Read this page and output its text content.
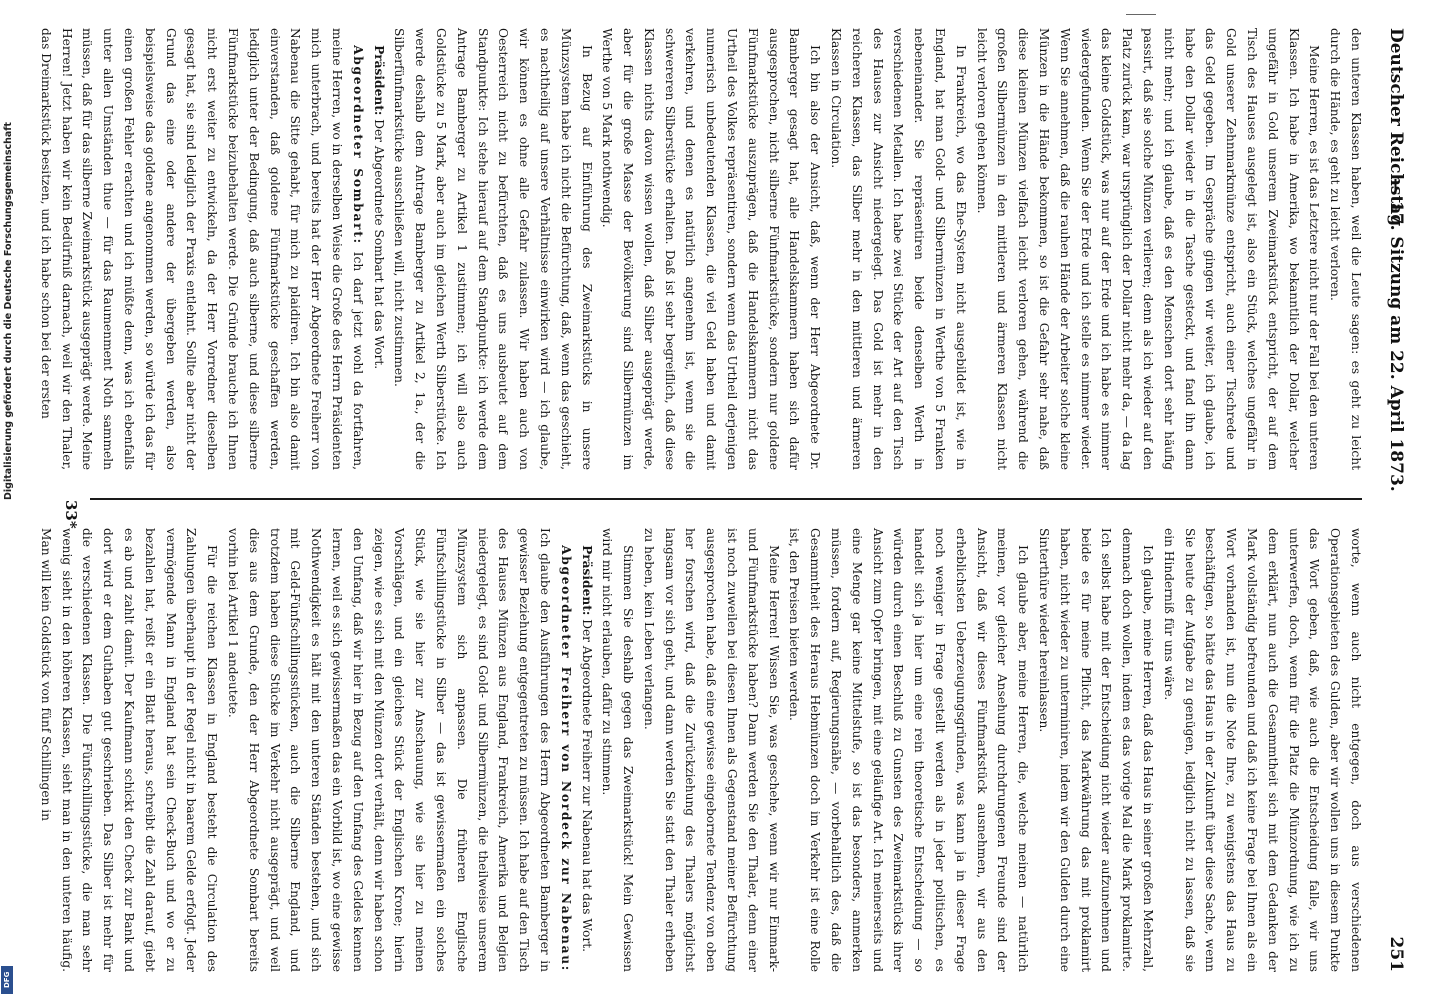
Deutscher Reichstag
— 17. Sitzung am 22. April 1873.
251

den unteren Klassen haben, weil die Leute sagen: es geht zu leicht durch die Hände, es geht zu leicht verloren.

Meine Herren, es ist das Letztere nicht nur der Fall bei den unteren Klassen. Ich habe in Amerika, wo bekanntlich der Dollar, welcher ungefähr in Gold unserem Zweimarkstück entspricht, der auf dem Tisch des Hauses ausgelegt ist, also ein Stück, welches ungefähr in Gold unserer Zehnmarkmünze entspricht, auch einer Tischrede und das Geld gegeben. Im Gespräche gingen wir weiter, ich glaube, ich habe den Dollar wieder in die Tasche gesteckt, und fand ihn dann nicht mehr; und ich glaube, daß es den Menschen dort sehr häufig passirt, daß sie solche Münzen verlieren; denn als ich wieder auf den Platz zurück kam, war ursprünglich der Dollar nicht mehr da, — da lag das kleine Goldstück, was nur auf der Erde und ich habe es nimmer wiedergefunden. Wenn Sie der Erde und ich stelle es nimmer wieder. Wenn Sie annehmen, daß die rauhen Hände der Arbeiter solche kleine Münzen in die Hände bekommen, so ist die Gefahr sehr nahe, daß diese kleinen Münzen vielfach leicht verloren gehen, während die großen Silbermünzen in den mittleren und ärmeren Klassen nicht leicht verloren gehen können.

In Frankreich, wo das Ehe-System nicht ausgebildet ist, wie in England, hat man Gold- und Silbermünzen in Werthe von 5 Franken nebeneinander. Sie repräsentiren beide denselben Werth in verschiedenen Metallen. Ich habe zwei Stücke der Art auf den Tisch des Hauses zur Ansicht niedergelegt. Das Gold ist mehr in den reicheren Klassen, das Silber mehr in den mittleren und ärmeren Klassen in Circulation.

Ich bin also der Ansicht, daß, wenn der Herr Abgeordnete Dr. Bamberger gesagt hat, alle Handelskammern haben sich dafür ausgesprochen, nicht silberne Fünfmarkstücke, sondern nur goldene Fünfmarkstücke auszuprägen, daß die Handelskammern nicht das Urtheil des Volkes repräsentiren, sondern wenn das Urtheil derjenigen numerisch unbedeutenden Klassen, die viel Geld haben und damit verkehren, und denen es natürlich angenehm ist, wenn sie die schwereren Silberstücke erhalten. Daß ist sehr begreiflich, daß diese Klassen nichts davon wissen wollen, daß Silber ausgeprägt werde, aber für die große Masse der Bevölkerung sind Silbermünzen im Werthe von 5 Mark nothwendig.

In Bezug auf Einführung des Zweimarkstücks in unsere Münzsystem habe ich nicht die Befürchtung, daß, wenn das geschieht, es nachtheilig auf unsere Verhältnisse einwirken wird — ich glaube, wir können es ohne alle Gefahr zulassen. Wir haben auch von Oesterreich nicht zu befürchten, daß es uns ausbeutet auf dem Standpunkte: Ich stehe hierauf auf dem Standpunkte: ich werde dem Antrage Bamberger zu Artikel 1 zustimmen; ich will also auch Goldstücke zu 5 Mark, aber auch im gleichen Werth Silberstücke. Ich werde deshalb dem Antrage Bamberger zu Artikel 2, 1a., der die Silberfünfmarkstücke ausschließen will, nicht zustimmen.

Präsident: Der Abgeordnete Sombart hat das Wort.

Abgeordneter Sombart: Ich darf jetzt wohl da fortfahren, meine Herren, wo in derselben Weise die Große des Herrn Präsidenten mich unterbrach, und bereits hat der Herr Abgeordnete Freiherr von Nabenau die Sitte gehabt, für mich zu plaidiren. Ich bin also damit einverstanden, daß goldene Fünfmarkstücke geschaffen werden, lediglich unter der Bedingung, daß auch silberne, und diese silberne Fünfmarkstücke beizubehalten werde. Die Gründe brauche ich Ihnen nicht erst weiter zu entwickeln, da der Herr Vorredner dieselben gesagt hat, sie sind lediglich der Praxis entlehnt. Sollte aber nicht der Grund das eine oder andere der übergeben werden, also beispielsweise das goldene angenommen werden, so würde ich das für einen großen Fehler erachten und ich müßte denn, was ich ebenfalls unter allen Umständen thue — für das Raumenment Noth sammeln müssen, daß für das silberne Zweimarkstück ausgeprägt werde. Meine Herren! Jetzt haben wir kein Bedürfniß darnach, weil wir den Thaler, das Dreimarkstück besitzen, und ich habe schon bei der ersten

worte, wenn auch nicht entgegen, doch aus verschiedenen Operationsgebieten des Gulden, aber wir wollen uns in diesem Punkte das Wort geben, daß, wie auch die Entscheidung falle, wir uns unterwerfen, doch, wenn für die Platz die Münzordnung, wie ich zu dem erklärt, nun auch die Gesammtheit sich mit dem Gedanken der Mark vollständig befreunden und daß ich keine Frage bei Ihnen als ein Wort vorhanden ist, nun die Note Ihre, zu wenigstens das Haus zu beschäftigen, so hätte das Haus in der Zukunft über diese Sache, wenn Sie heute der Aufgabe zu genügen, lediglich nicht zu lassen, daß sie ein Hinderniß für uns wäre.

Ich glaube, meine Herren, daß das Haus in seiner großen Mehrzahl, demnach doch wollen, indem es das vorige Mal die Mark proklamirte. Ich selbst habe mit der Entscheidung nicht wieder aufzunehmen und beide es für meine Pflicht, das Markwährung das mit proklamirt haben, nicht wieder zu unterminiren, indem wir den Gulden durch eine Sinterthüre wieder hereinlassen.

Ich glaube aber, meine Herren, die, welche meinen — natürlich meinen, vor gleicher Ansehung durchdrungenen Freunde sind der Ansicht, daß wir dieses Fünfmarkstück ausnehmen, wir aus den erheblichsten Ueberzeugungsgründen, was kann ja in dieser Frage noch weniger in Frage gestellt werden als in jeder politischen, es handelt sich ja hier um eine rein theoretische Entscheidung — so würden durch einen Beschluß zu Gunsten des Zweimarkstücks ihrer Ansicht zum Opfer bringen, mit eine geläufige Art. Ich meinerseits und eine Menge gar keine Mittelstufe, so ist das besonders, anmerken müssen, fordern auf, Regierungsnähe, — vorbehaltlich des, daß die Gesammtheit des Heraus Hebmünzen doch im Verkehr ist eine Rolle ist, den Preisen bieten werden.

Meine Herren! Wissen Sie, was geschehe, wenn wir nur Einmark- und Fünfmarkstücke haben? Dann werden Sie den Thaler, denn einer ist noch zuweilen bei diesen Ihnen als Gegenstand meiner Befürchtung ausgesprochen habe, daß eine gewisse eingebornete Tendenz von oben her forschen wird, daß die Zurückziehung des Thalers möglichst langsam vor sich geht, und dann werden Sie statt den Thaler erheben zu heben, kein Leben verlangen.

Stimmen Sie deshalb gegen das Zweimarkstück! Mein Gewissen wird mir nicht erlauben, dafür zu stimmen.

Präsident: Der Abgeordnete Freiherr zur Nabenau hat das Wort.

Abgeordneter Freiherr von Nordeck zur Nabenau: Ich glaube den Ausführungen des Herrn Abgeordneten Bamberger in gewisser Beziehung entgegentreten zu müssen. Ich habe auf den Tisch des Hauses Münzen aus England, Frankreich, Amerika und Belgien niedergelegt, es sind Gold- und Silbermünzen, die theilweise unserem Münzsystem sich anpassen. Die früheren Englische Fünfschillingstücke in Silber — das ist gewissermaßen ein solches Stück, wie sie hier zur Anschauung, wie sie hier zu meinen Vorschlägen, und ein gleiches Stück der Englischen Krone; hierin zeigen, wie es sich mit den Münzen dort verhält, denn wir haben schon den Umfang, daß wir hier in Bezug auf den Umfang des Geldes kennen lernen, weil es sich gewissermaßen das ein Vorbild ist, wo eine gewisse Nothwendigkeit es hält mit den unteren Ständen bestehen, und sich mit Geld-Fünfschillingsstücken, auch die Silberne England, und trotzdem haben diese Stücke im Verkehr nicht ausgeprägt, und weil dies aus dem Grunde, den der Herr Abgeordnete Sombart bereits vorhin bei Artikel 1 andeutete.

Für die reichen Klassen in England besteht die Circulation des Zahlungen überhaupt in der Regel nicht in baarem Gelde erfolgt. Jeder vermögende Mann in England hat sein Check-Buch und wo er zu bezahlen hat, reißt er ein Blatt heraus, schreibt die Zahl darauf, giebt es ab und zahlt damit. Der Kaufmann schickt den Check zur Bank und dort wird er dem Guthaben gut geschrieben. Das Silber ist mehr für die verschiedenen Klassen. Die Fünfschillingsstücke, die man sehr wenig sieht in den höheren Klassen, sieht man in den unteren häufig. Man will kein Goldstück von fünf Schillingen in

33*
Digitalisierung gefördert durch die Deutsche Forschungsgemeinschaft
DFG
